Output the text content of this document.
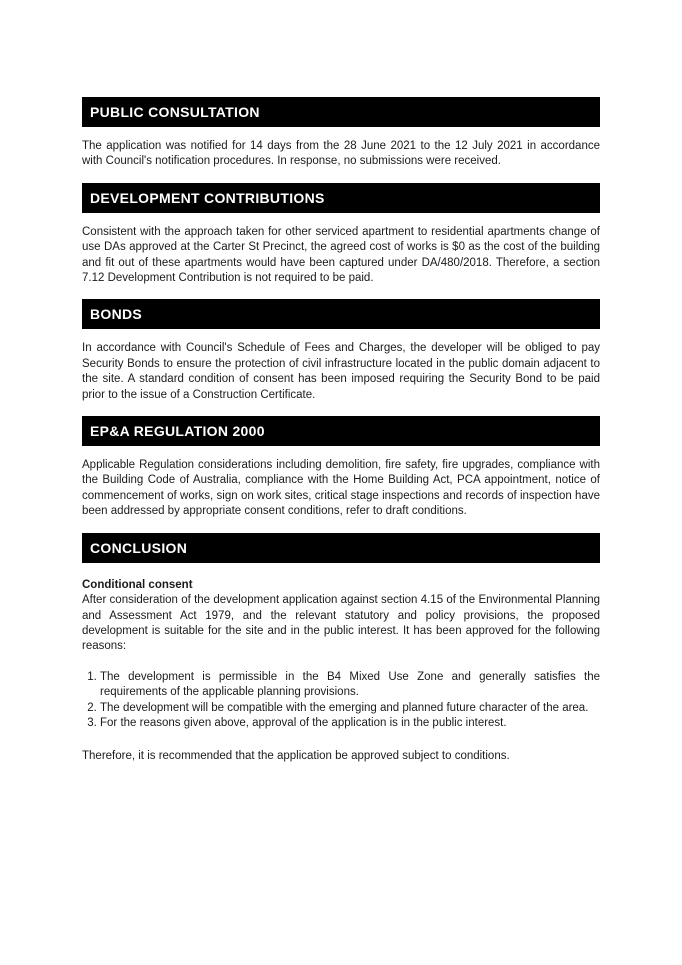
PUBLIC CONSULTATION

The application was notified for 14 days from the 28 June 2021 to the 12 July 2021 in accordance with Council's notification procedures. In response, no submissions were received.

DEVELOPMENT CONTRIBUTIONS

Consistent with the approach taken for other serviced apartment to residential apartments change of use DAs approved at the Carter St Precinct, the agreed cost of works is $0 as the cost of the building and fit out of these apartments would have been captured under DA/480/2018. Therefore, a section 7.12 Development Contribution is not required to be paid.

BONDS

In accordance with Council's Schedule of Fees and Charges, the developer will be obliged to pay Security Bonds to ensure the protection of civil infrastructure located in the public domain adjacent to the site. A standard condition of consent has been imposed requiring the Security Bond to be paid prior to the issue of a Construction Certificate.

EP&A REGULATION 2000

Applicable Regulation considerations including demolition, fire safety, fire upgrades, compliance with the Building Code of Australia, compliance with the Home Building Act, PCA appointment, notice of commencement of works, sign on work sites, critical stage inspections and records of inspection have been addressed by appropriate consent conditions, refer to draft conditions.

CONCLUSION
Conditional consent

After consideration of the development application against section 4.15 of the Environmental Planning and Assessment Act 1979, and the relevant statutory and policy provisions, the proposed development is suitable for the site and in the public interest. It has been approved for the following reasons:

1. The development is permissible in the B4 Mixed Use Zone and generally satisfies the requirements of the applicable planning provisions.
2. The development will be compatible with the emerging and planned future character of the area.
3. For the reasons given above, approval of the application is in the public interest.

Therefore, it is recommended that the application be approved subject to conditions.
